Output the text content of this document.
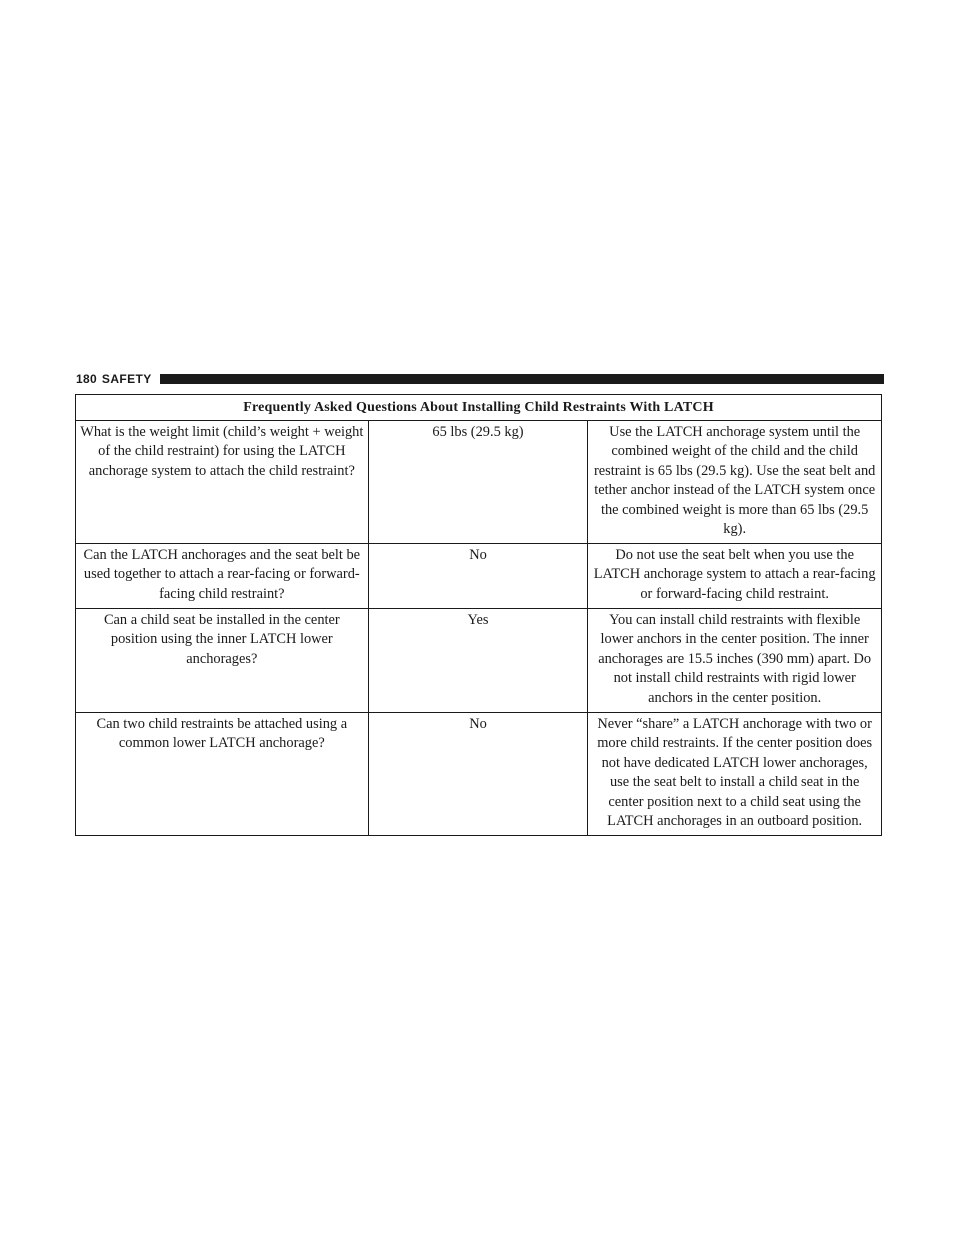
180 SAFETY
Frequently Asked Questions About Installing Child Restraints With LATCH		
What is the weight limit (child’s weight + weight of the child restraint) for using the LATCH anchorage system to attach the child restraint?	65 lbs (29.5 kg)	Use the LATCH anchorage system until the combined weight of the child and the child restraint is 65 lbs (29.5 kg). Use the seat belt and tether anchor instead of the LATCH system once the combined weight is more than 65 lbs (29.5 kg).
Can the LATCH anchorages and the seat belt be used together to attach a rear-facing or forward-facing child restraint?	No	Do not use the seat belt when you use the LATCH anchorage system to attach a rear-facing or forward-facing child restraint.
Can a child seat be installed in the center position using the inner LATCH lower anchorages?	Yes	You can install child restraints with flexible lower anchors in the center position. The inner anchorages are 15.5 inches (390 mm) apart. Do not install child restraints with rigid lower anchors in the center position.
Can two child restraints be attached using a common lower LATCH anchorage?	No	Never “share” a LATCH anchorage with two or more child restraints. If the center position does not have dedicated LATCH lower anchorages, use the seat belt to install a child seat in the center position next to a child seat using the LATCH anchorages in an outboard position.
